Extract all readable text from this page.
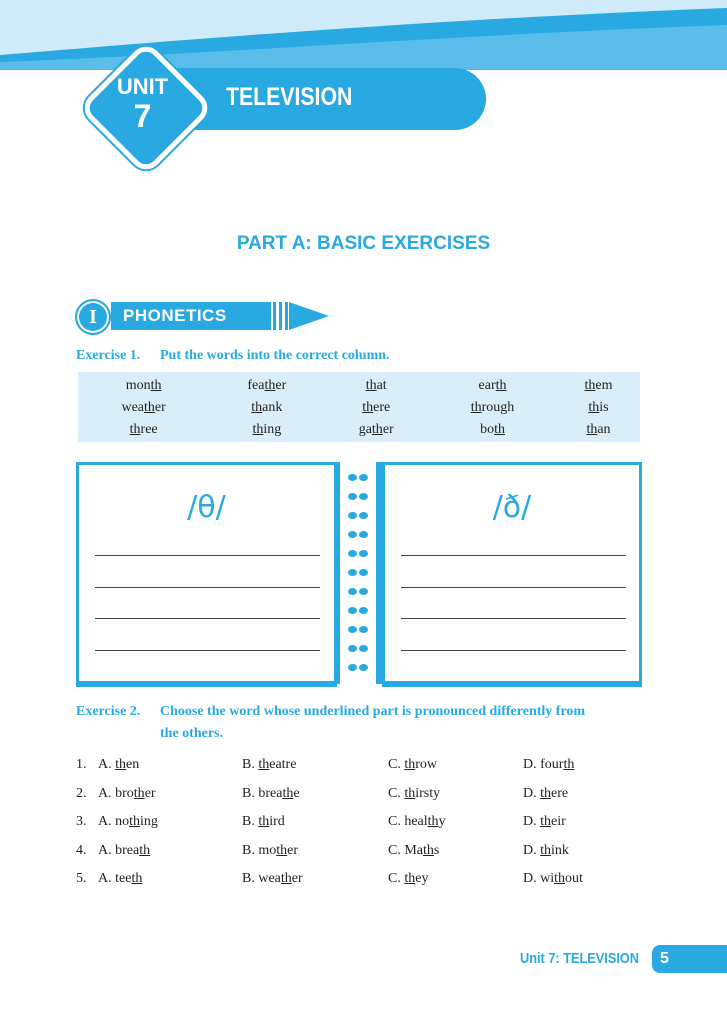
TELEVISION
UNIT
7
PART A: BASIC EXERCISES
I	PHONETICS
Exercise 1. Put the words into the correct column.
month	feather	that	earth	them
weather	thank	there	through	this
three	thing	gather	both	than
/θ/	/ð/
Exercise 2. Choose the word whose underlined part is pronounced differently from
the others.
1. A. then	B. theatre	C. throw	D. fourth
2. A. brother	B. breathe	C. thirsty	D. there
3. A. nothing	B. third	C. healthy	D. their
4. A. breath	B. mother	C. Maths	D. think
5. A. teeth	B. weather	C. they	D. without
Unit 7: TELEVISION 5
